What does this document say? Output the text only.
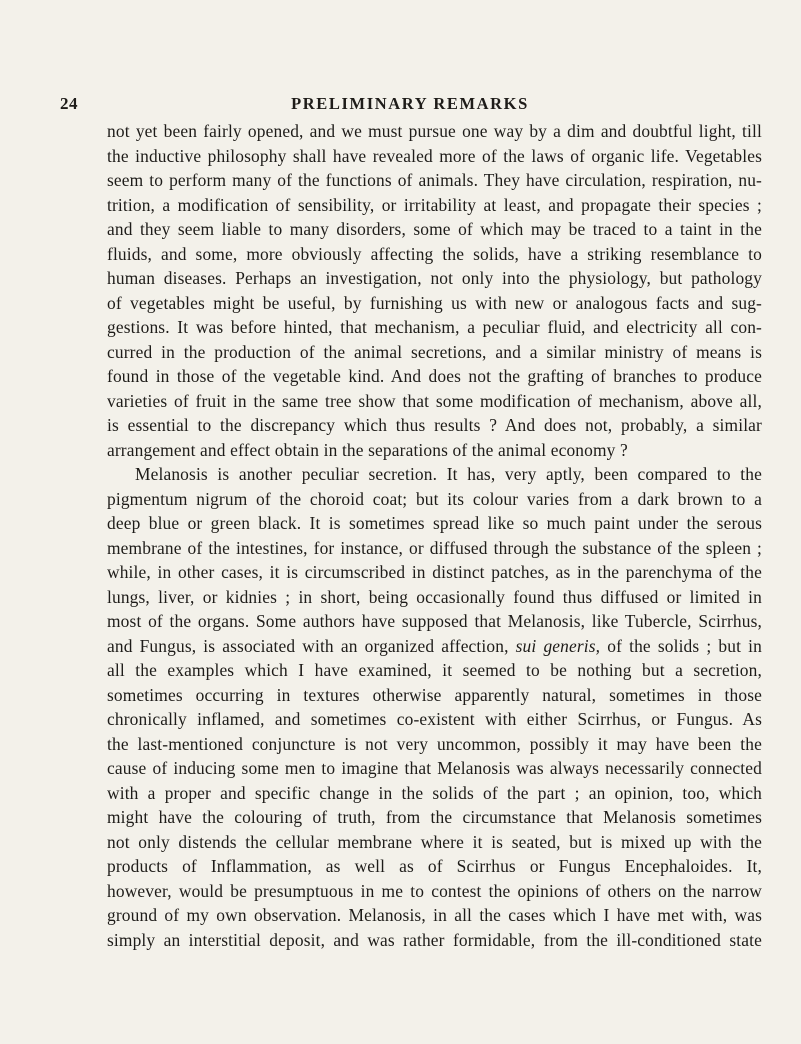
24	PRELIMINARY REMARKS
not yet been fairly opened, and we must pursue one way by a dim and doubtful light, till
the inductive philosophy shall have revealed more of the laws of organic life. Vegetables
seem to perform many of the functions of animals. They have circulation, respiration, nu-
trition, a modification of sensibility, or irritability at least, and propagate their species ;
and they seem liable to many disorders, some of which may be traced to a taint in the
fluids, and some, more obviously affecting the solids, have a striking resemblance to
human diseases. Perhaps an investigation, not only into the physiology, but pathology
of vegetables might be useful, by furnishing us with new or analogous facts and sug-
gestions. It was before hinted, that mechanism, a peculiar fluid, and electricity all con-
curred in the production of the animal secretions, and a similar ministry of means is
found in those of the vegetable kind. And does not the grafting of branches to produce
varieties of fruit in the same tree show that some modification of mechanism, above all,
is essential to the discrepancy which thus results ? And does not, probably, a similar
arrangement and effect obtain in the separations of the animal economy ?
Melanosis is another peculiar secretion. It has, very aptly, been compared to the
pigmentum nigrum of the choroid coat; but its colour varies from a dark brown to a
deep blue or green black. It is sometimes spread like so much paint under the serous
membrane of the intestines, for instance, or diffused through the substance of the spleen ;
while, in other cases, it is circumscribed in distinct patches, as in the parenchyma of the
lungs, liver, or kidnies ; in short, being occasionally found thus diffused or limited in
most of the organs. Some authors have supposed that Melanosis, like Tubercle, Scirrhus,
and Fungus, is associated with an organized affection, sui generis, of the solids ; but in
all the examples which I have examined, it seemed to be nothing but a secretion,
sometimes occurring in textures otherwise apparently natural, sometimes in those
chronically inflamed, and sometimes co-existent with either Scirrhus, or Fungus. As
the last-mentioned conjuncture is not very uncommon, possibly it may have been the
cause of inducing some men to imagine that Melanosis was always necessarily connected
with a proper and specific change in the solids of the part ; an opinion, too, which
might have the colouring of truth, from the circumstance that Melanosis sometimes
not only distends the cellular membrane where it is seated, but is mixed up with the
products of Inflammation, as well as of Scirrhus or Fungus Encephaloides. It,
however, would be presumptuous in me to contest the opinions of others on the narrow
ground of my own observation. Melanosis, in all the cases which I have met with, was
simply an interstitial deposit, and was rather formidable, from the ill-conditioned state
